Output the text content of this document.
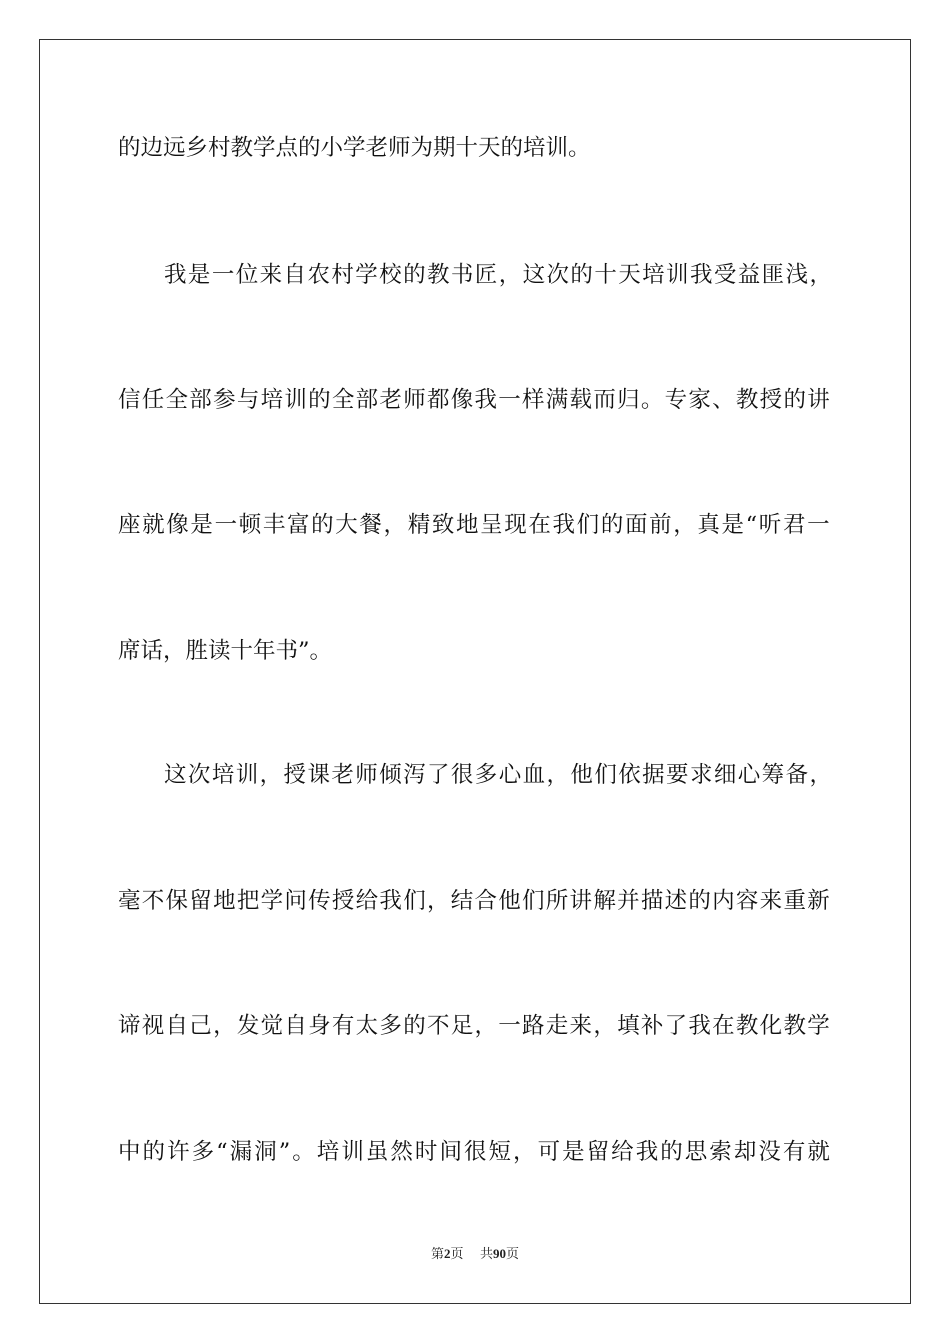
的边远乡村教学点的小学老师为期十天的培训。
我 是 一 位 来 自 农 村 学 校 的 教 书 匠 ， 这 次 的 十 天 培 训 我 受 益 匪 浅 ，
信 任 全 部 参 与 培 训 的 全 部 老 师 都 像 我 一 样 满 载 而 归 。 专 家 、 教 授 的 讲
座 就 像 是 一 顿 丰 富 的 大 餐 ， 精 致 地 呈 现 在 我 们 的 面 前 ， 真 是 “ 听 君 一
席话，胜读十年书”。
这 次 培 训 ， 授 课 老 师 倾 泻 了 很 多 心 血 ， 他 们 依 据 要 求 细 心 筹 备 ，
毫 不 保 留 地 把 学 问 传 授 给 我 们 ， 结 合 他 们 所 讲 解 并 描 述 的 内 容 来 重 新
谛 视 自 己 ， 发 觉 自 身 有 太 多 的 不 足 ， 一 路 走 来 ， 填 补 了 我 在 教 化 教 学
中 的 许 多 “ 漏 洞 ” 。 培 训 虽 然 时 间 很 短 ， 可 是 留 给 我 的 思 索 却 没 有 就
第2页 共90页
